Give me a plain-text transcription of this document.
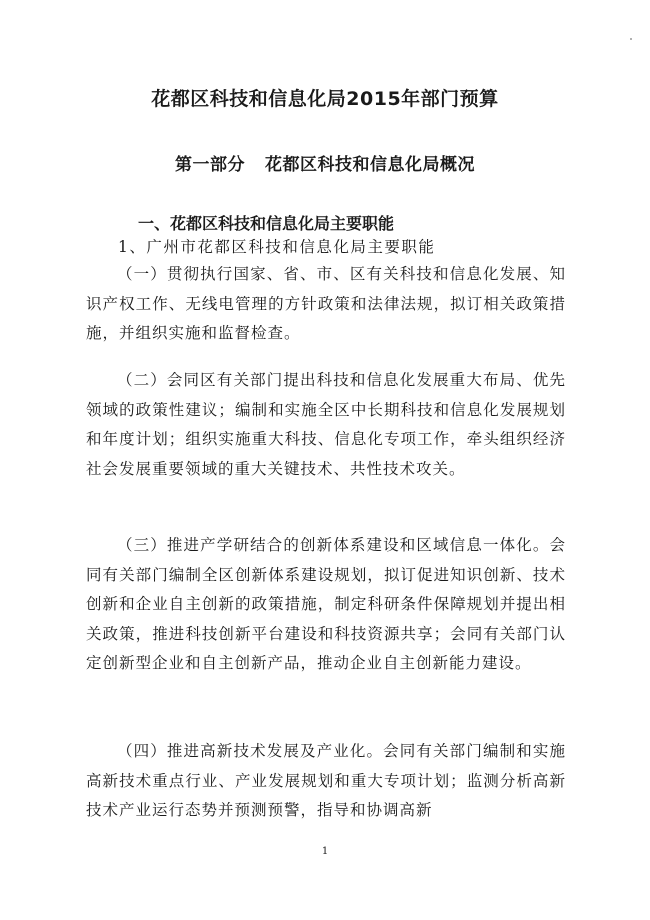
花都区科技和信息化局2015年部门预算
第一部分 花都区科技和信息化局概况
一、花都区科技和信息化局主要职能

1、广州市花都区科技和信息化局主要职能

（一）贯彻执行国家、省、市、区有关科技和信息化发展、知识产权工作、无线电管理的方针政策和法律法规，拟订相关政策措施，并组织实施和监督检查。

（二）会同区有关部门提出科技和信息化发展重大布局、优先领域的政策性建议；编制和实施全区中长期科技和信息化发展规划和年度计划；组织实施重大科技、信息化专项工作，牵头组织经济社会发展重要领域的重大关键技术、共性技术攻关。

（三）推进产学研结合的创新体系建设和区域信息一体化。会同有关部门编制全区创新体系建设规划，拟订促进知识创新、技术创新和企业自主创新的政策措施，制定科研条件保障规划并提出相关政策，推进科技创新平台建设和科技资源共享；会同有关部门认定创新型企业和自主创新产品，推动企业自主创新能力建设。

（四）推进高新技术发展及产业化。会同有关部门编制和实施高新技术重点行业、产业发展规划和重大专项计划；监测分析高新技术产业运行态势并预测预警，指导和协调高新

1
